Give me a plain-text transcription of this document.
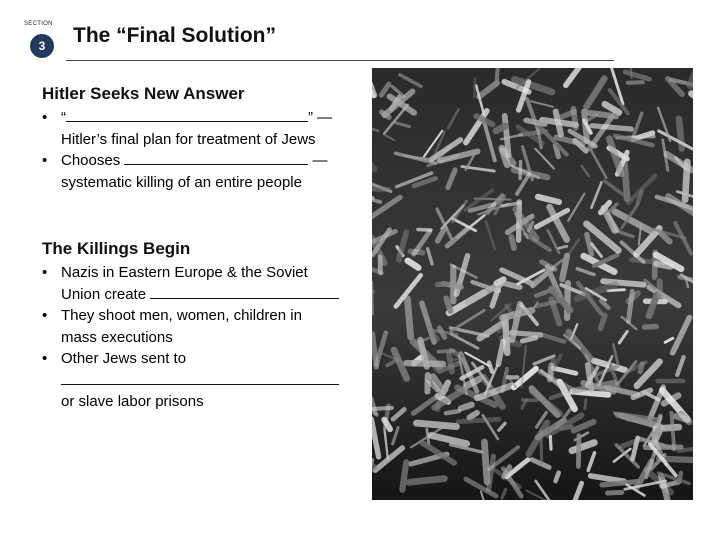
SECTION
3	The “Final Solution”
Hitler Seeks New Answer
• “	” —
Hitler’s final plan for treatment of Jews
• Chooses	—
systematic killing of an entire people
The Killings Begin
• Nazis in Eastern Europe & the Soviet
Union create
• They shoot men, women, children in
mass executions
• Other Jews sent to

or slave labor prisons
